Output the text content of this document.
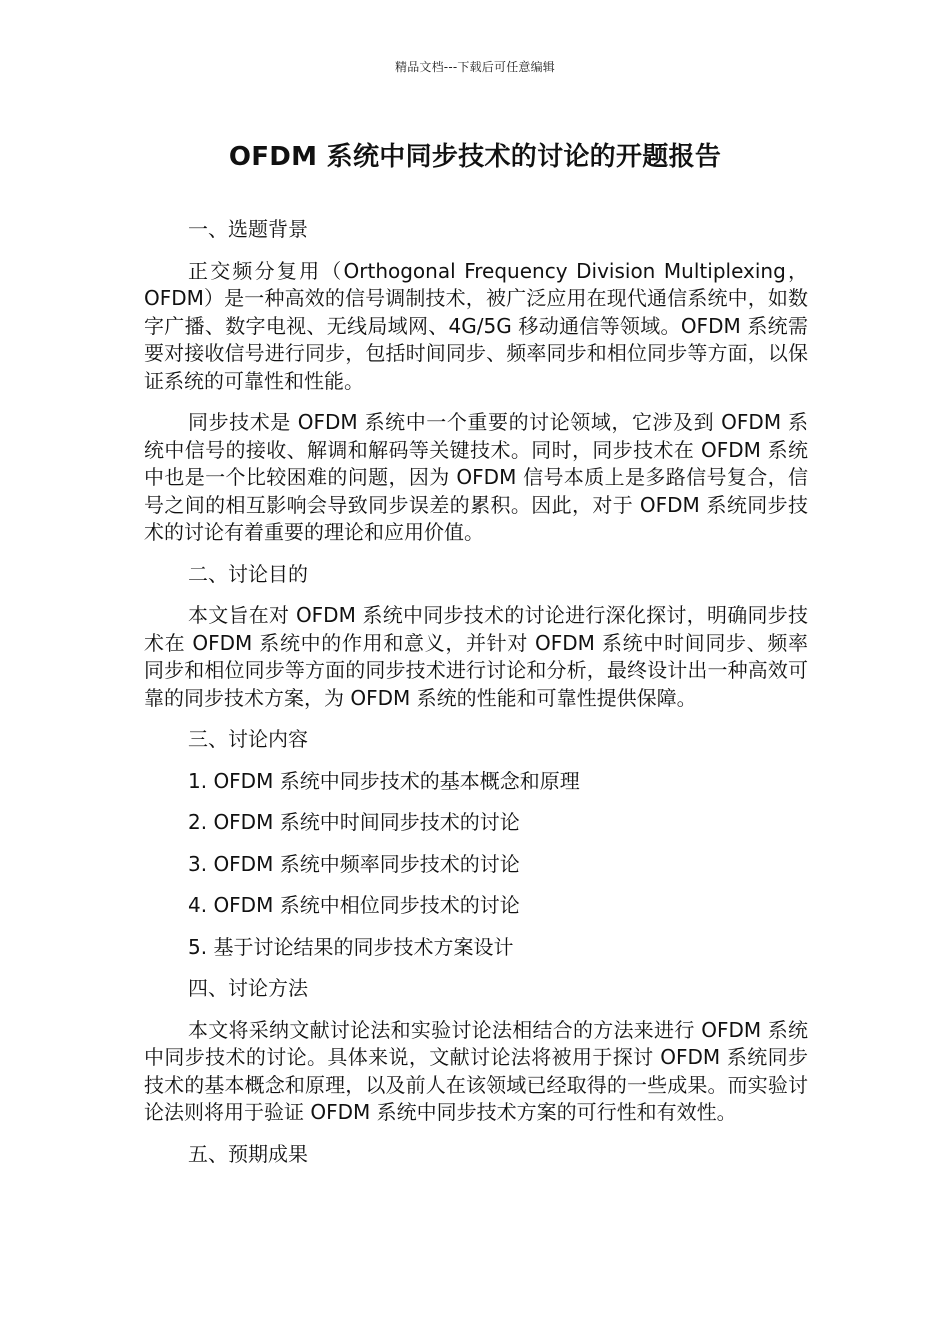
精品文档---下载后可任意编辑
OFDM 系统中同步技术的讨论的开题报告
一、选题背景

正交频分复用（Orthogonal Frequency Division Multiplexing，OFDM）是一种高效的信号调制技术，被广泛应用在现代通信系统中，如数字广播、数字电视、无线局域网、4G/5G 移动通信等领域。OFDM 系统需要对接收信号进行同步，包括时间同步、频率同步和相位同步等方面，以保证系统的可靠性和性能。

同步技术是 OFDM 系统中一个重要的讨论领域，它涉及到 OFDM 系统中信号的接收、解调和解码等关键技术。同时，同步技术在 OFDM 系统中也是一个比较困难的问题，因为 OFDM 信号本质上是多路信号复合，信号之间的相互影响会导致同步误差的累积。因此，对于 OFDM 系统同步技术的讨论有着重要的理论和应用价值。

二、讨论目的

本文旨在对 OFDM 系统中同步技术的讨论进行深化探讨，明确同步技术在 OFDM 系统中的作用和意义，并针对 OFDM 系统中时间同步、频率同步和相位同步等方面的同步技术进行讨论和分析，最终设计出一种高效可靠的同步技术方案，为 OFDM 系统的性能和可靠性提供保障。

三、讨论内容
1. OFDM 系统中同步技术的基本概念和原理
2. OFDM 系统中时间同步技术的讨论
3. OFDM 系统中频率同步技术的讨论
4. OFDM 系统中相位同步技术的讨论
5. 基于讨论结果的同步技术方案设计
四、讨论方法

本文将采纳文献讨论法和实验讨论法相结合的方法来进行 OFDM 系统中同步技术的讨论。具体来说，文献讨论法将被用于探讨 OFDM 系统同步技术的基本概念和原理，以及前人在该领域已经取得的一些成果。而实验讨论法则将用于验证 OFDM 系统中同步技术方案的可行性和有效性。

五、预期成果
